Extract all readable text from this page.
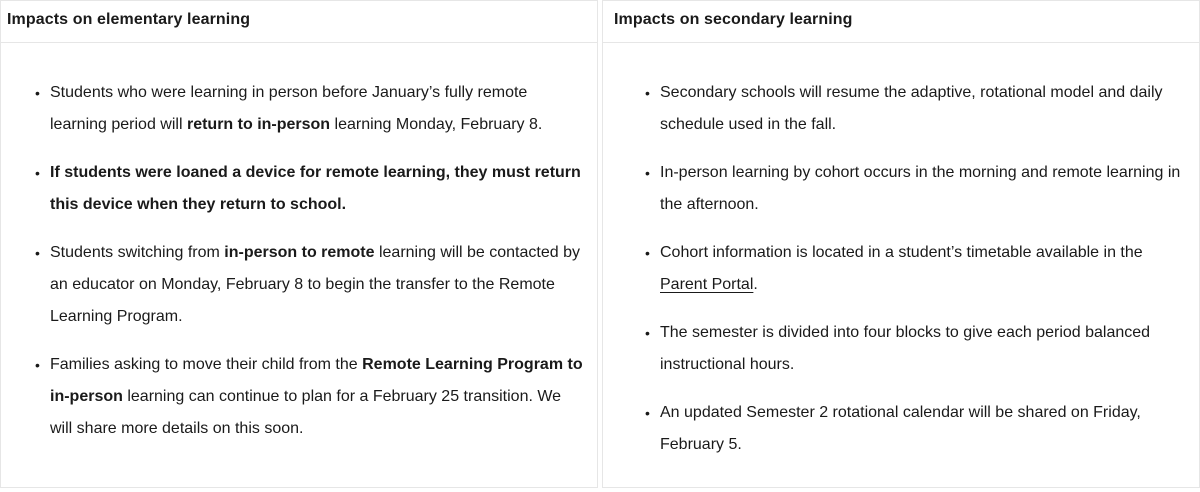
Impacts on elementary learning
• Students who were learning in person before January’s fully remote learning period will return to in-person learning Monday, February 8.
• If students were loaned a device for remote learning, they must return this device when they return to school.
• Students switching from in-person to remote learning will be contacted by an educator on Monday, February 8 to begin the transfer to the Remote Learning Program.
• Families asking to move their child from the Remote Learning Program to in-person learning can continue to plan for a February 25 transition. We will share more details on this soon.
Impacts on secondary learning
• Secondary schools will resume the adaptive, rotational model and daily schedule used in the fall.
• In-person learning by cohort occurs in the morning and remote learning in the afternoon.
• Cohort information is located in a student’s timetable available in the Parent Portal.
• The semester is divided into four blocks to give each period balanced instructional hours.
• An updated Semester 2 rotational calendar will be shared on Friday, February 5.
